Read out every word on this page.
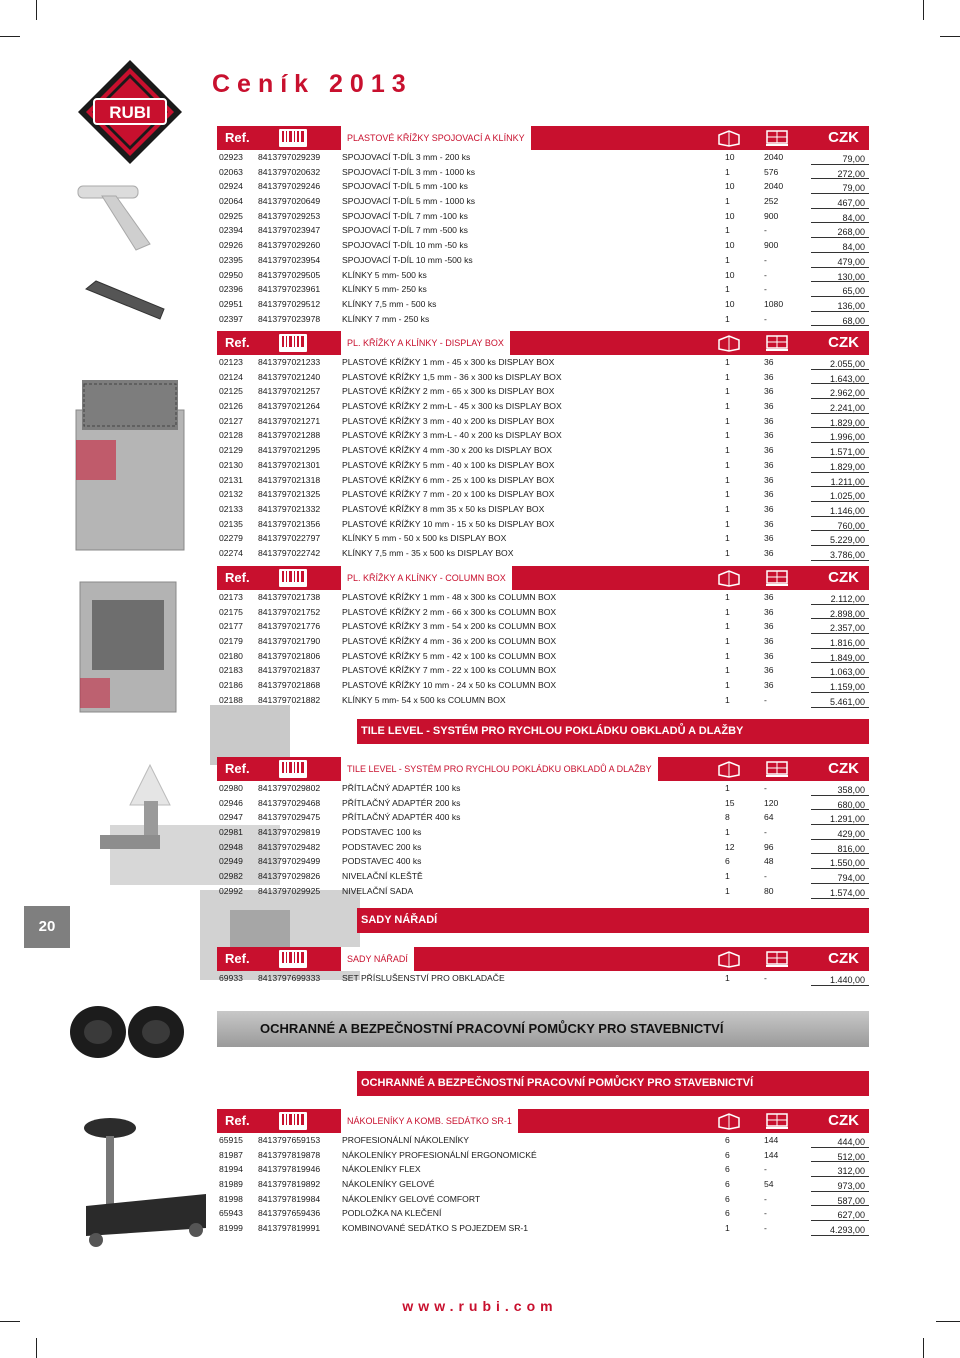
RUBI
Ceník 2013
Ref.	PLASTOVÉ KŘÍŽKY SPOJOVACÍ A KLÍNKY	CZK
02923 8413797029239	SPOJOVACÍ T-DÍL 3 mm - 200 ks	10	2040	79,00
02063 8413797020632	SPOJOVACÍ T-DÍL 3 mm - 1000 ks	1	576	272,00
02924 8413797029246	SPOJOVACÍ T-DÍL 5 mm -100 ks	10	2040	79,00
02064 8413797020649	SPOJOVACÍ T-DÍL 5 mm - 1000 ks	1	252	467,00
02925 8413797029253	SPOJOVACÍ T-DÍL 7 mm -100 ks	10	900	84,00
02394 8413797023947	SPOJOVACÍ T-DÍL 7 mm -500 ks	1	-	268,00
02926 8413797029260	SPOJOVACÍ T-DÍL 10 mm -50 ks	10	900	84,00
02395 8413797023954	SPOJOVACÍ T-DÍL 10 mm -500 ks	1	-	479,00
02950 8413797029505	KLÍNKY 5 mm- 500 ks	10	-	130,00
02396 8413797023961	KLÍNKY 5 mm- 250 ks	1	-	65,00
02951 8413797029512	KLÍNKY 7,5 mm - 500 ks	10	1080	136,00
02397 8413797023978	KLÍNKY 7 mm - 250 ks	1	-	68,00
Ref.	PL. KŘÍŽKY A KLÍNKY - DISPLAY BOX	CZK
02123 8413797021233	PLASTOVÉ KŘÍŽKY 1 mm - 45 x 300 ks DISPLAY BOX	1	36	2.055,00
02124 8413797021240	PLASTOVÉ KŘÍŽKY 1,5 mm - 36 x 300 ks DISPLAY BOX	1	36	1.643,00
02125 8413797021257	PLASTOVÉ KŘÍŽKY 2 mm - 65 x 300 ks DISPLAY BOX	1	36	2.962,00
02126 8413797021264	PLASTOVÉ KŘÍŽKY 2 mm-L - 45 x 300 ks DISPLAY BOX	1	36	2.241,00
02127 8413797021271	PLASTOVÉ KŘÍŽKY 3 mm - 40 x 200 ks DISPLAY BOX	1	36	1.829,00
02128 8413797021288	PLASTOVÉ KŘÍŽKY 3 mm-L - 40 x 200 ks DISPLAY BOX	1	36	1.996,00
02129 8413797021295	PLASTOVÉ KŘÍŽKY 4 mm -30 x 200 ks DISPLAY BOX	1	36	1.571,00
02130 8413797021301	PLASTOVÉ KŘÍŽKY 5 mm - 40 x 100 ks DISPLAY BOX	1	36	1.829,00
02131 8413797021318	PLASTOVÉ KŘÍŽKY 6 mm - 25 x 100 ks DISPLAY BOX	1	36	1.211,00
02132 8413797021325	PLASTOVÉ KŘÍŽKY 7 mm - 20 x 100 ks DISPLAY BOX	1	36	1.025,00
02133 8413797021332	PLASTOVÉ KŘÍŽKY 8 mm 35 x 50 ks DISPLAY BOX	1	36	1.146,00
02135 8413797021356	PLASTOVÉ KŘÍŽKY 10 mm - 15 x 50 ks DISPLAY BOX	1	36	760,00
02279 8413797022797	KLÍNKY 5 mm - 50 x 500 ks DISPLAY BOX	1	36	5.229,00
02274 8413797022742	KLÍNKY 7,5 mm - 35 x 500 ks DISPLAY BOX	1	36	3.786,00
Ref.	PL. KŘÍŽKY A KLÍNKY - COLUMN BOX	CZK
02173 8413797021738	PLASTOVÉ KŘÍŽKY 1 mm - 48 x 300 ks COLUMN BOX	1	36	2.112,00
02175 8413797021752	PLASTOVÉ KŘÍŽKY 2 mm - 66 x 300 ks COLUMN BOX	1	36	2.898,00
02177 8413797021776	PLASTOVÉ KŘÍŽKY 3 mm - 54 x 200 ks COLUMN BOX	1	36	2.357,00
02179 8413797021790	PLASTOVÉ KŘÍŽKY 4 mm - 36 x 200 ks COLUMN BOX	1	36	1.816,00
02180 8413797021806	PLASTOVÉ KŘÍŽKY 5 mm - 42 x 100 ks COLUMN BOX	1	36	1.849,00
02183 8413797021837	PLASTOVÉ KŘÍŽKY 7 mm - 22 x 100 ks COLUMN BOX	1	36	1.063,00
02186 8413797021868	PLASTOVÉ KŘÍŽKY 10 mm - 24 x 50 ks COLUMN BOX	1	36	1.159,00
02188 8413797021882	KLÍNKY 5 mm- 54 x 500 ks COLUMN BOX	1	-	5.461,00
TILE LEVEL - SYSTÉM PRO RYCHLOU POKLÁDKU OBKLADŮ A DLAŽBY
Ref.	TILE LEVEL - SYSTÉM PRO RYCHLOU POKLÁDKU OBKLADŮ A DLAŽBY	CZK
02980 8413797029802	PŘÍTLAČNÝ ADAPTÉR 100 ks	1	-	358,00
02946 8413797029468	PŘÍTLAČNÝ ADAPTÉR 200 ks	15	120	680,00
02947 8413797029475	PŘÍTLAČNÝ ADAPTÉR 400 ks	8	64	1.291,00
02981 8413797029819	PODSTAVEC 100 ks	1	-	429,00
02948 8413797029482	PODSTAVEC 200 ks	12	96	816,00
02949 8413797029499	PODSTAVEC 400 ks	6	48	1.550,00
02982 8413797029826	NIVELAČNÍ KLEŠTĚ	1	-	794,00
02992 8413797029925	NIVELAČNÍ SADA	1	80	1.574,00
SADY NÁŘADÍ
Ref.	SADY NÁŘADÍ	CZK
69933 8413797699333	SET PŘÍSLUŠENSTVÍ PRO OBKLADAČE	1	-	1.440,00
OCHRANNÉ A BEZPEČNOSTNÍ PRACOVNÍ POMŮCKY PRO STAVEBNICTVÍ
OCHRANNÉ A BEZPEČNOSTNÍ PRACOVNÍ POMŮCKY PRO STAVEBNICTVÍ
Ref.	NÁKOLENÍKY A KOMB. SEDÁTKO SR-1	CZK
65915 8413797659153	PROFESIONÁLNÍ NÁKOLENÍKY	6	144	444,00
81987 8413797819878	NÁKOLENÍKY PROFESIONÁLNÍ ERGONOMICKÉ	6	144	512,00
81994 8413797819946	NÁKOLENÍKY FLEX	6	-	312,00
81989 8413797819892	NÁKOLENÍKY GELOVÉ	6	54	973,00
81998 8413797819984	NÁKOLENÍKY GELOVÉ COMFORT	6	-	587,00
65943 8413797659436	PODLOŽKA NA KLEČENÍ	6	-	627,00
81999 8413797819991	KOMBINOVANÉ SEDÁTKO S POJEZDEM SR-1	1	-	4.293,00
20
www.rubi.com
